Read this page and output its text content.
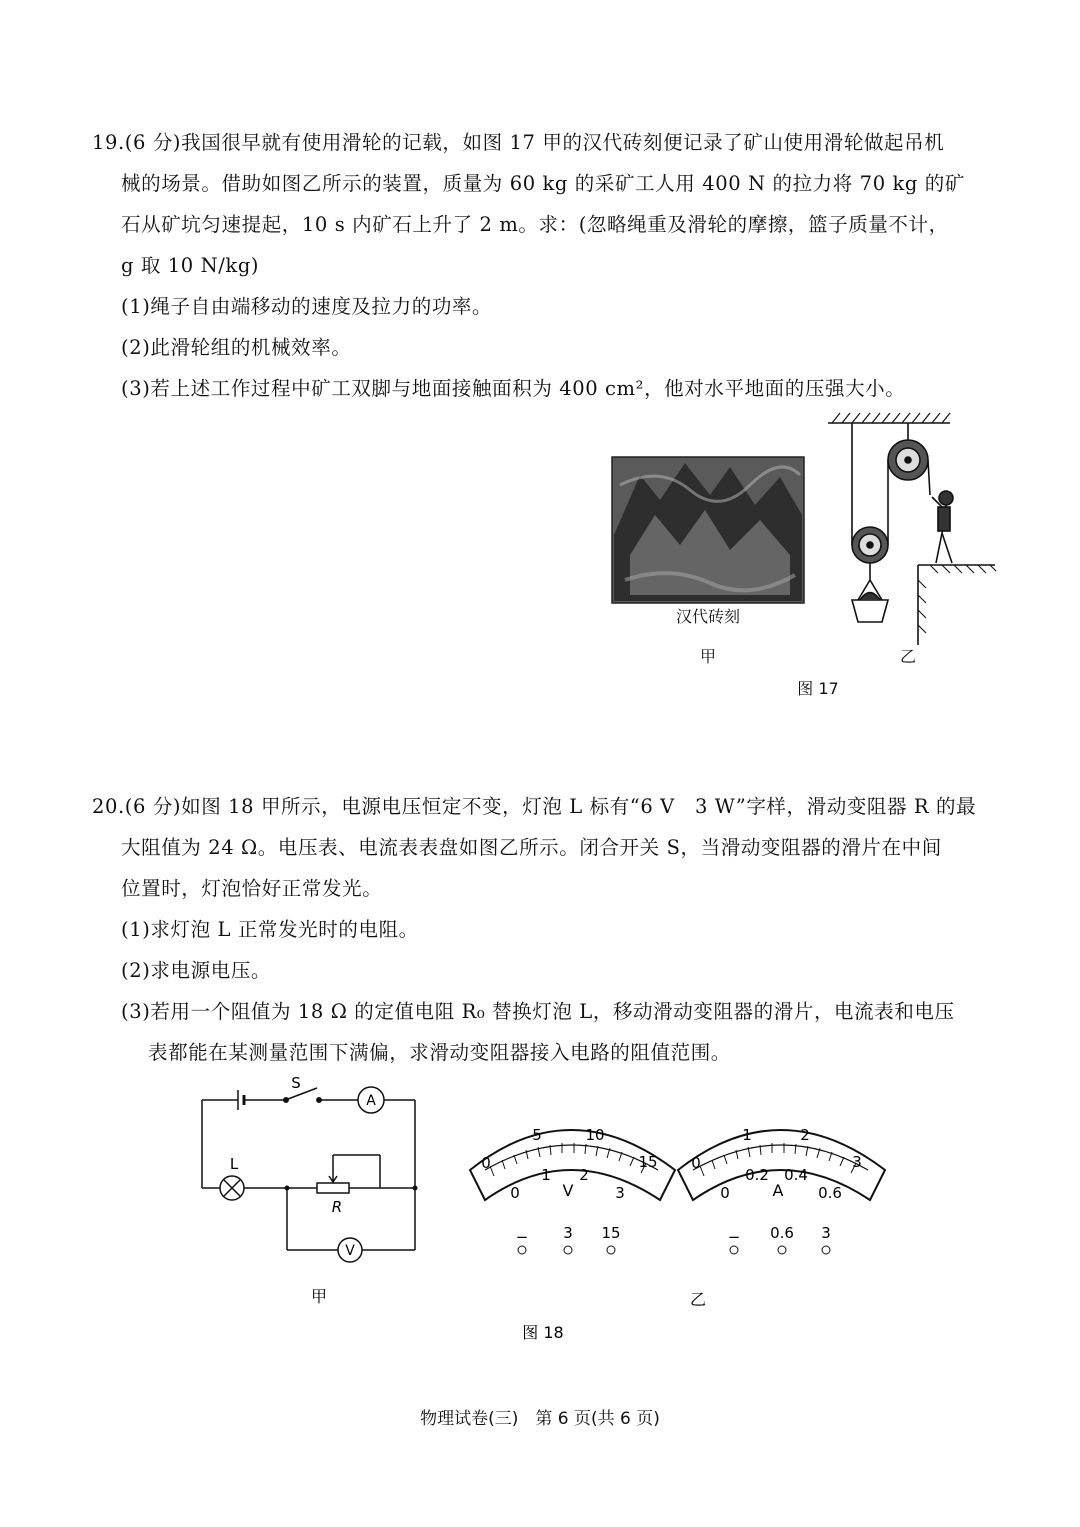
19.(6 分)我国很早就有使用滑轮的记载，如图 17 甲的汉代砖刻便记录了矿山使用滑轮做起吊机
械的场景。借助如图乙所示的装置，质量为 60 kg 的采矿工人用 400 N 的拉力将 70 kg 的矿
石从矿坑匀速提起，10 s 内矿石上升了 2 m。求：(忽略绳重及滑轮的摩擦，篮子质量不计，
g 取 10 N/kg)
(1)绳子自由端移动的速度及拉力的功率。
(2)此滑轮组的机械效率。
(3)若上述工作过程中矿工双脚与地面接触面积为 400 cm²，他对水平地面的压强大小。
汉代砖刻
甲	乙
图 17
20.(6 分)如图 18 甲所示，电源电压恒定不变，灯泡 L 标有“6 V　3 W”字样，滑动变阻器 R 的最
大阻值为 24 Ω。电压表、电流表表盘如图乙所示。闭合开关 S，当滑动变阻器的滑片在中间
位置时，灯泡恰好正常发光。
(1)求灯泡 L 正常发光时的电阻。
(2)求电源电压。
(3)若用一个阻值为 18 Ω 的定值电阻 R₀ 替换灯泡 L，移动滑动变阻器的滑片，电流表和电压
表都能在某测量范围下满偏，求滑动变阻器接入电路的阻值范围。
S
A
V
L
R
0
5	10
15
0
1 2
3
V
− 3 15
0
1	2
3
0
0.2 0.4
0.6
A
− 0.6 3
甲	乙
图 18
物理试卷(三)　第 6 页(共 6 页)
